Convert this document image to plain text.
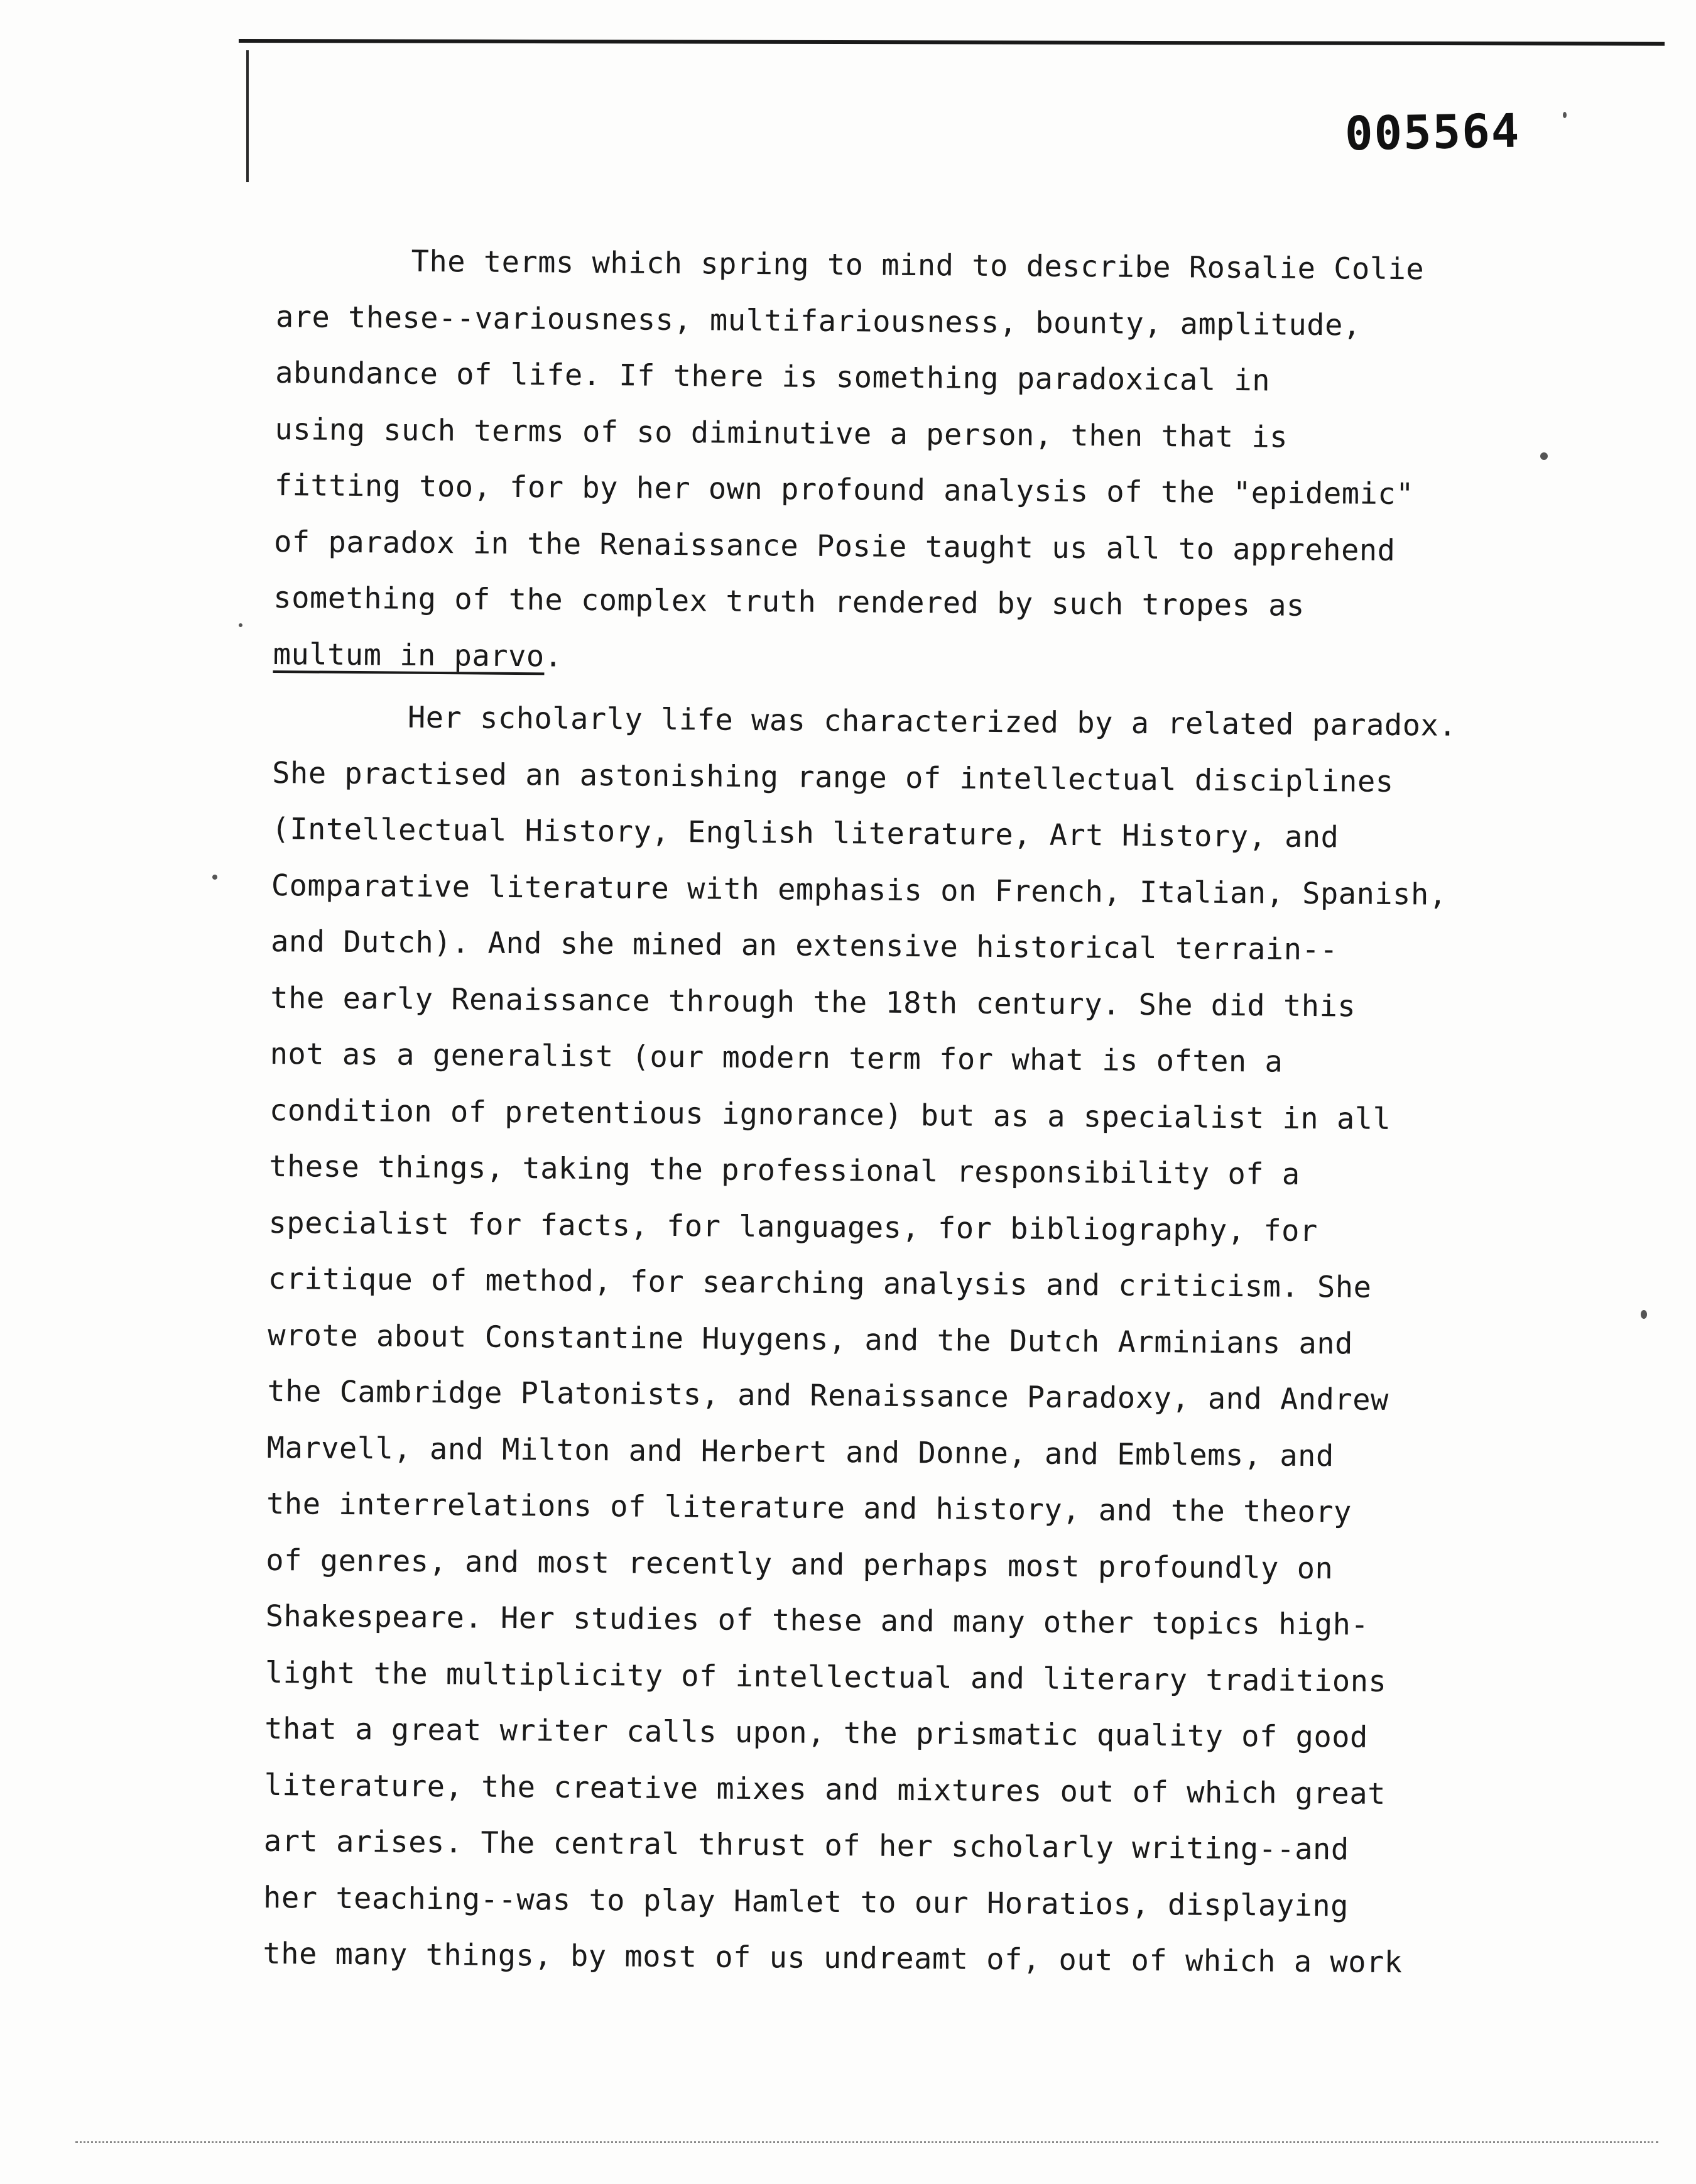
005564
The terms which spring to mind to describe Rosalie Colie
are these--variousness, multifariousness, bounty, amplitude,
abundance of life. If there is something paradoxical in
using such terms of so diminutive a person, then that is
fitting too, for by her own profound analysis of the "epidemic"
of paradox in the Renaissance Posie taught us all to apprehend
something of the complex truth rendered by such tropes as
multum in parvo.
Her scholarly life was characterized by a related paradox.
She practised an astonishing range of intellectual disciplines
(Intellectual History, English literature, Art History, and
Comparative literature with emphasis on French, Italian, Spanish,
and Dutch). And she mined an extensive historical terrain--
the early Renaissance through the 18th century. She did this
not as a generalist (our modern term for what is often a
condition of pretentious ignorance) but as a specialist in all
these things, taking the professional responsibility of a
specialist for facts, for languages, for bibliography, for
critique of method, for searching analysis and criticism. She
wrote about Constantine Huygens, and the Dutch Arminians and
the Cambridge Platonists, and Renaissance Paradoxy, and Andrew
Marvell, and Milton and Herbert and Donne, and Emblems, and
the interrelations of literature and history, and the theory
of genres, and most recently and perhaps most profoundly on
Shakespeare. Her studies of these and many other topics high-
light the multiplicity of intellectual and literary traditions
that a great writer calls upon, the prismatic quality of good
literature, the creative mixes and mixtures out of which great
art arises. The central thrust of her scholarly writing--and
her teaching--was to play Hamlet to our Horatios, displaying
the many things, by most of us undreamt of, out of which a work
